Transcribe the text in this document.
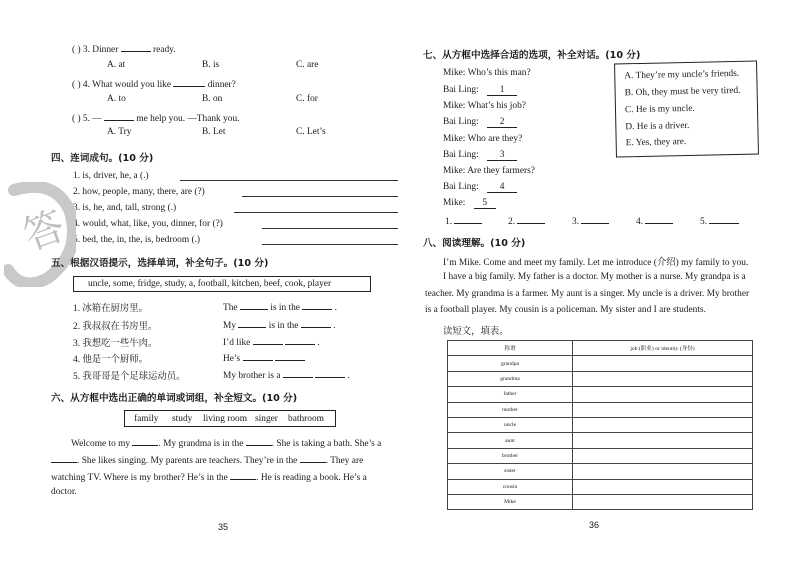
( ) 3. Dinner	ready.
A. at	B. is	C. are
( ) 4. What would you like	dinner?
A. to	B. on	C. for
( ) 5. —	me help you. —Thank you.
A. Try	B. Let	C. Let’s
四、连词成句。(10 分)
1. is, driver, he, a (.)
2. how, people, many, there, are (?)
3. is, he, and, tall, strong (.)
4. would, what, like, you, dinner, for (?)
5. bed, the, in, the, is, bedroom (.)
答
五、根据汉语提示，选择单词，补全句子。(10 分)
uncle, some, fridge, study, a, football, kitchen, beef, cook, player
1. 冰箱在厨房里。	The	is in the	.
2. 我叔叔在书房里。	My	is in the	.
3. 我想吃一些牛肉。	I’d like	.
4. 他是一个厨师。	He’s
5. 我哥哥是个足球运动员。	My brother is a	.
六、从方框中选出正确的单词或词组，补全短文。(10 分)
family study living room singer bathroom
Welcome to my	. My grandma is in the	. She is taking a bath. She’s a
. She likes singing. My parents are teachers. They’re in the	. They are
watching TV. Where is my brother? He’s in the	. He is reading a book. He’s a
doctor.
35
七、从方框中选择合适的选项，补全对话。(10 分)
Mike: Who’s this man?
Bai Ling: 1
Mike: What’s his job?
Bai Ling: 2
Mike: Who are they?
Bai Ling: 3
Mike: Are they farmers?
Bai Ling: 4
Mike: 5
A. They’re my uncle’s friends.
B. Oh, they must be very tired.
C. He is my uncle.
D. He is a driver.
E. Yes, they are.
1.	2.	3.	4.	5.
八、阅读理解。(10 分)
I’m Mike. Come and meet my family. Let me introduce (介绍) my family to you.
I have a big family. My father is a doctor. My mother is a nurse. My grandpa is a
teacher. My grandma is a farmer. My aunt is a singer. My uncle is a driver. My brother
is a football player. My cousin is a policeman. My sister and I are students.
读短文，填表。
称谓	job (职业) or identity (身份)
grandpa	
grandma	
father	
mother	
uncle	
aunt	
brother	
sister	
cousin	
Mike	
36
